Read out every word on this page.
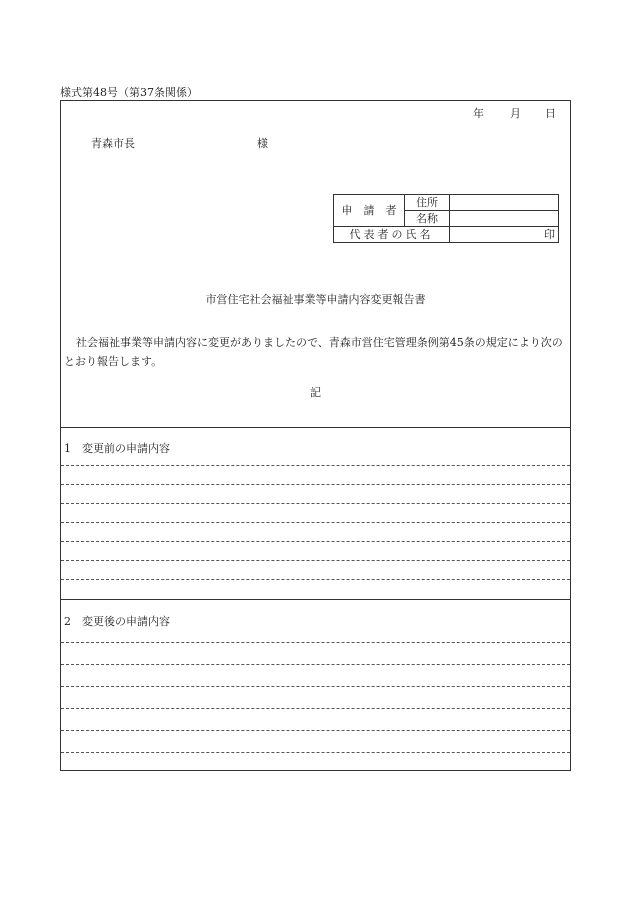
様式第48号（第37条関係）
年 月 日
青森市長	様
申　請　者	住所	
	名称	
代表者の氏名		印
市営住宅社会福祉事業等申請内容変更報告書
社会福祉事業等申請内容に変更がありましたので、青森市営住宅管理条例第45条の規定により次のとおり報告します。
記
1　変更前の申請内容
2　変更後の申請内容
